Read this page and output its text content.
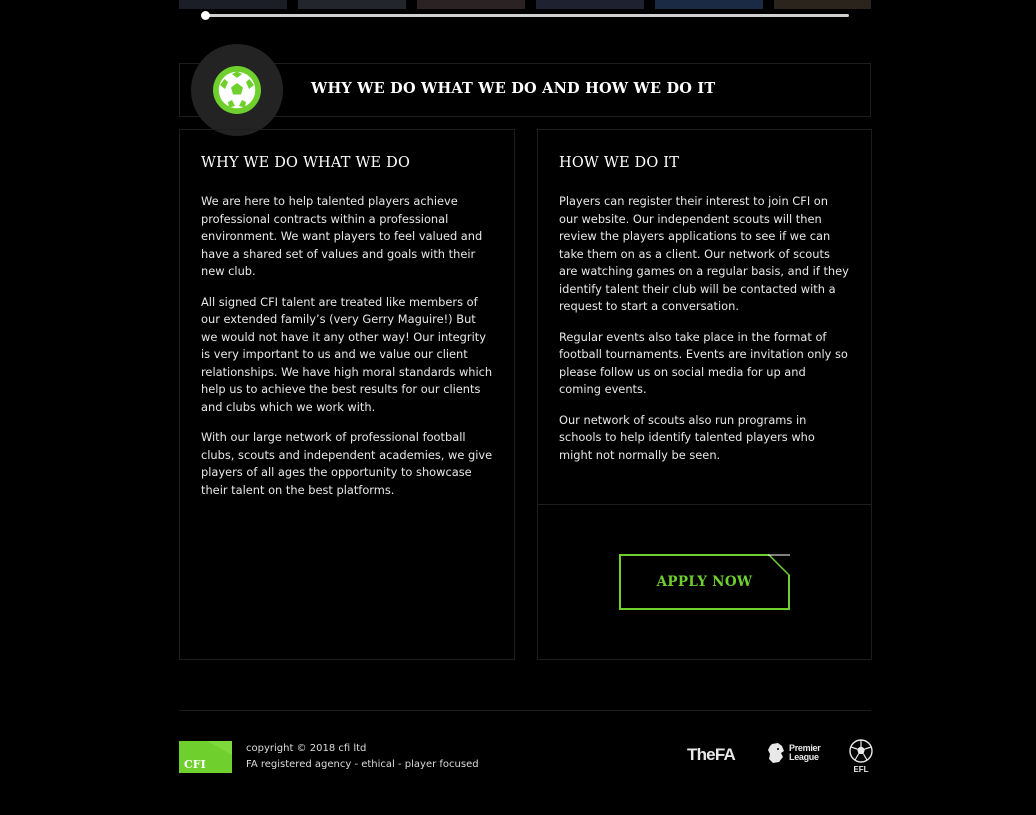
WHY WE DO WHAT WE DO AND HOW WE DO IT
WHY WE DO WHAT WE DO

We are here to help talented players achieve professional contracts within a professional environment. We want players to feel valued and have a shared set of values and goals with their new club.

All signed CFI talent are treated like members of our extended family’s (very Gerry Maguire!) But we would not have it any other way! Our integrity is very important to us and we value our client relationships. We have high moral standards which help us to achieve the best results for our clients and clubs which we work with.

With our large network of professional football clubs, scouts and independent academies, we give players of all ages the opportunity to showcase their talent on the best platforms.

HOW WE DO IT

Players can register their interest to join CFI on our website. Our independent scouts will then review the players applications to see if we can take them on as a client. Our network of scouts are watching games on a regular basis, and if they identify talent their club will be contacted with a request to start a conversation.

Regular events also take place in the format of football tournaments. Events are invitation only so please follow us on social media for up and coming events.

Our network of scouts also run programs in schools to help identify talented players who might not normally be seen.

APPLY NOW
CFI
copyright © 2018 cfi ltd
FA registered agency - ethical - player focused
TheFA	Premier
League
EFL
